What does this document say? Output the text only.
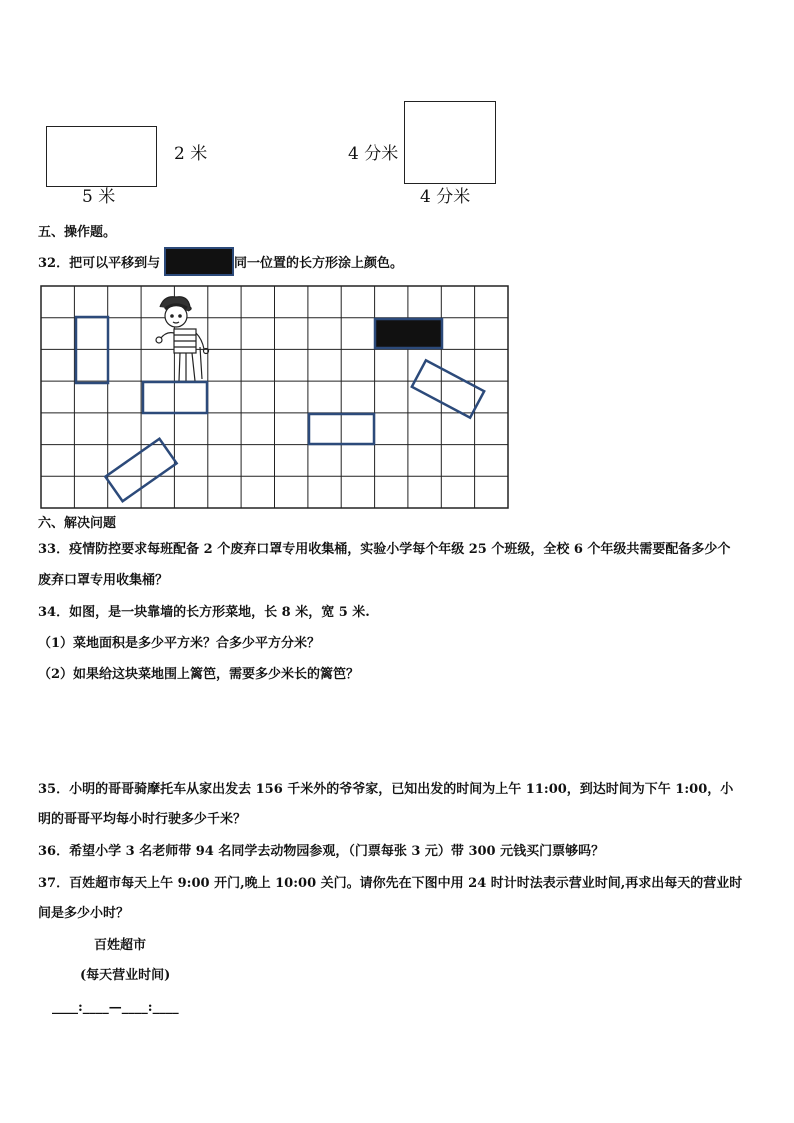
2 米
5 米
4 分米
4 分米
五、操作题。
32．把可以平移到与	同一位置的长方形涂上颜色。
六、解决问题
33．疫情防控要求每班配备 2 个废弃口罩专用收集桶，实验小学每个年级 25 个班级，全校 6 个年级共需要配备多少个
废弃口罩专用收集桶？
34．如图，是一块靠墙的长方形菜地，长 8 米，宽 5 米.
（1）菜地面积是多少平方米？合多少平方分米？
（2）如果给这块菜地围上篱笆，需要多少米长的篱笆？
35．小明的哥哥骑摩托车从家出发去 156 千米外的爷爷家，已知出发的时间为上午 11:00，到达时间为下午 1:00，小
明的哥哥平均每小时行驶多少千米？
36．希望小学 3 名老师带 94 名同学去动物园参观，（门票每张 3 元）带 300 元钱买门票够吗？
37．百姓超市每天上午 9:00 开门,晚上 10:00 关门。请你先在下图中用 24 时计时法表示营业时间,再求出每天的营业时
间是多少小时？
百姓超市
(每天营业时间)
____:____—____:____
